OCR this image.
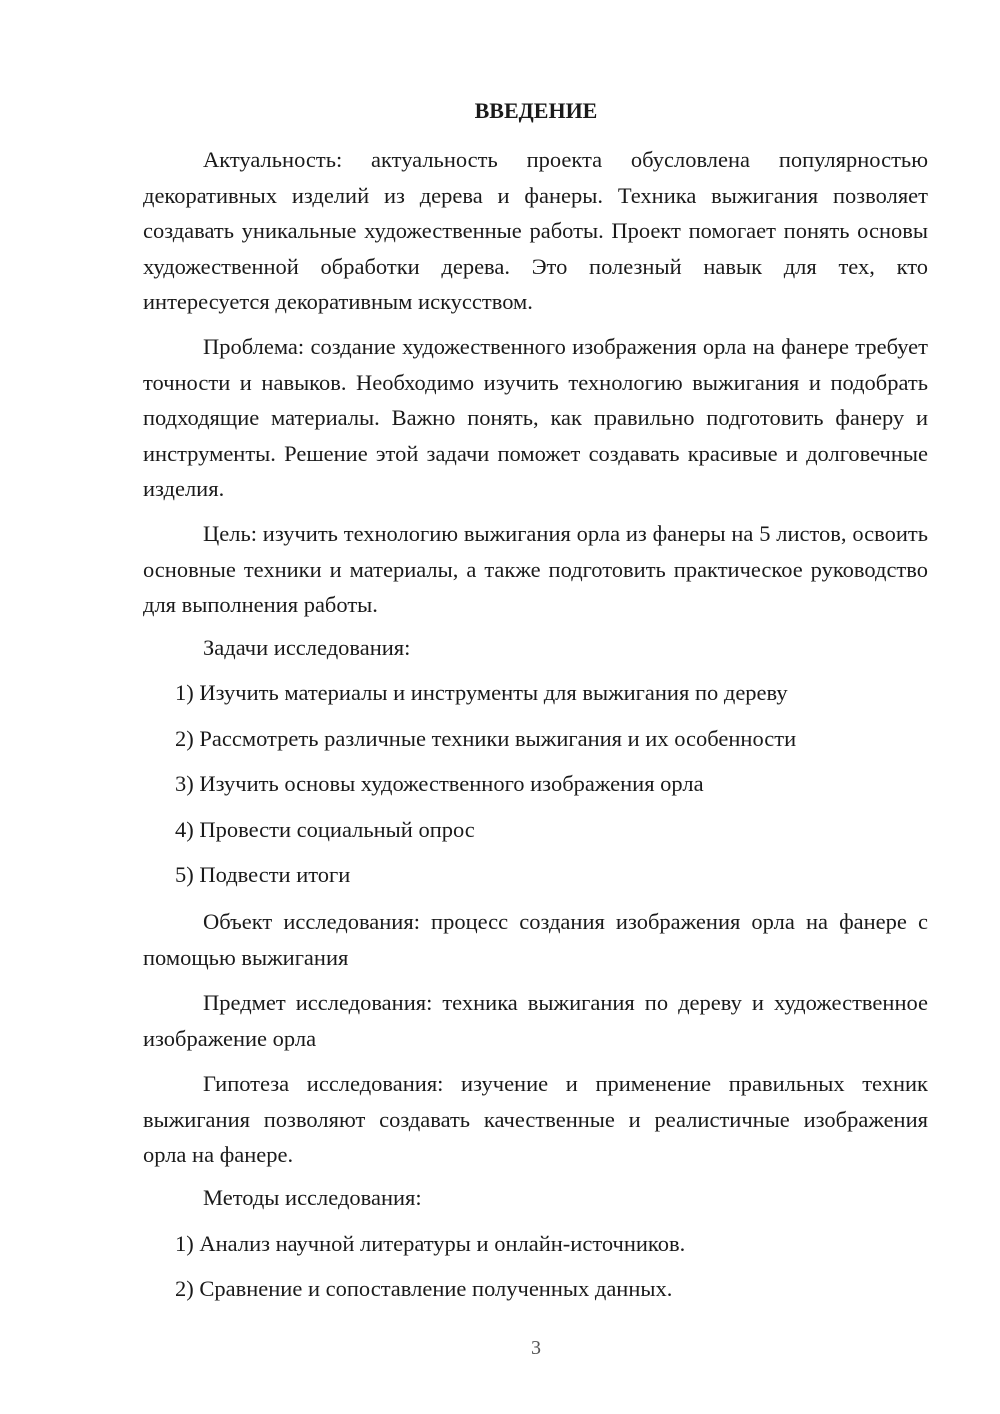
ВВЕДЕНИЕ

Актуальность: актуальность проекта обусловлена популярностью декоративных изделий из дерева и фанеры. Техника выжигания позволяет создавать уникальные художественные работы. Проект помогает понять основы художественной обработки дерева. Это полезный навык для тех, кто интересуется декоративным искусством.

Проблема: создание художественного изображения орла на фанере требует точности и навыков. Необходимо изучить технологию выжигания и подобрать подходящие материалы. Важно понять, как правильно подготовить фанеру и инструменты. Решение этой задачи поможет создавать красивые и долговечные изделия.

Цель: изучить технологию выжигания орла из фанеры на 5 листов, освоить основные техники и материалы, а также подготовить практическое руководство для выполнения работы.

Задачи исследования:

1) Изучить материалы и инструменты для выжигания по дереву

2) Рассмотреть различные техники выжигания и их особенности

3) Изучить основы художественного изображения орла

4) Провести социальный опрос

5) Подвести итоги

Объект исследования: процесс создания изображения орла на фанере с помощью выжигания

Предмет исследования: техника выжигания по дереву и художественное изображение орла

Гипотеза исследования: изучение и применение правильных техник выжигания позволяют создавать качественные и реалистичные изображения орла на фанере.

Методы исследования:

1) Анализ научной литературы и онлайн-источников.

2) Сравнение и сопоставление полученных данных.

3
